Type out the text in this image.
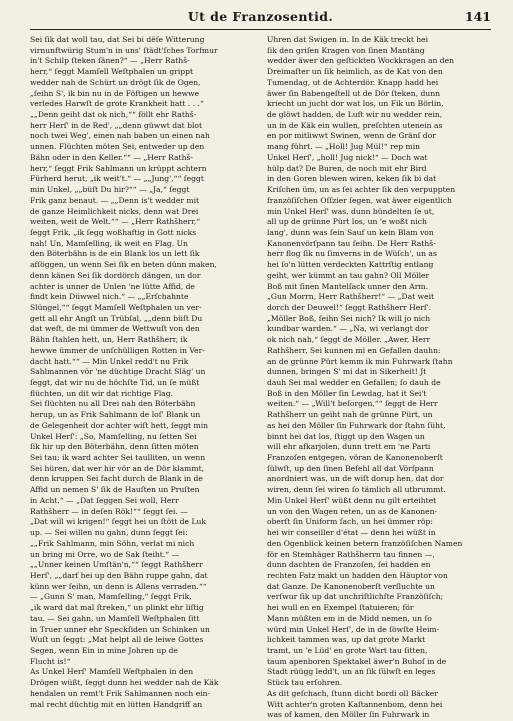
Ut de Franzosentid.	141
Sei ſik dat woll tau, dat Sei bi dëſe Witterung
virnunftwürig Stum'n in uns' ſtädt'ſches Torfmur
in't Schilp ſteken ſänen?“ — „Herr Rathš-
herr,“ ſeggt Mamſell Weſtphalen un grippt
wedder nah de Schürt un drögt ſik de Ogen,
„ſeihn S', ik bin nu in de Föftigen un hewwe
verledes Harwſt de grote Krankheit hatt . . .“
„„Denn geiht dat ok nich,““ föllt ehr Rathš-
herr Herſ' in de Red', „„denn güwwt dat blot
noch twei Weg', einen nah baben un einen nah
unnen. Flüchten möten Sei, entweder up den
Bähn oder in den Keller.““ — „Herr Rathš-
herr,“ ſeggt Frik Sahlmann un krüppt achtern
Fürherd herut, „ik weit't.“ — „„Jung',““ ſeggt
min Unkel, „„büſt Du hir?““ — „Ja,“ ſeggt
Frik ganz benaut. — „„Denn is't wedder mit
de ganze Heimlichkeit nicks, denn wat Drei
weiten, weit de Welt.““ — „Herr Rathšherr,“
ſeggt Frik, „ik ſegg woßhaftig in Gott nicks
nah! Un, Mamſelling, ik weit en Flag. Un
den Böterbähn is de ein Blank los un lett ſik
afſöggen, un wenn Sei ſik en beten dünn maken,
denn känen Sei ſik dordörch dängen, un dor
achter is unner de Unlen 'ne lütte Affid, de
findt kein Düwwel nich.“ — „„Erſchahnte
Slüngel,““ ſeggt Mamſell Weſtphalen un ver-
gett all ehr Angſt un Trübſal, „„denn büſt Du
dat weſt, de mi ümmer de Wettwuſt von den
Bähn ſtahlen hett, un, Herr Rathšherr, ik
hewwe ümmer de unſchülligen Rotten in Ver-
dacht hatt.““ — Min Unkel redd't nu Frik
Sahlmannen vör 'ne düchtige Dracht Släg' un
ſeggt, dat wir nu de höchſte Tid, un ſe müßt
flüchten, un dit wir dat richtige Flag.
Sei flüchten nu all Drei nah den Böterbähn
herup, un as Frik Sahlmann de loſ' Blank un
de Gelegenheit dor achter wiſt hett, ſeggt min
Unkel Herſ': „So, Mamſelling, nu ſetten Sei
ſik hir up den Böterbähn, denn ſitten möten
Sei tau; ik ward achter Sei taulliten, un wenn
Sei hüren, dat wer hir vör an de Dör klammt,
denn kruppen Sei facht durch de Blank in de
Affid un nemen S' ſik de Hauſten un Pruſten
in Acht.“ — „Dat ſeggen Sei woll, Herr
Rathšherr — in deſen Rök!““ ſeggt ſei. —
„Dat will wi krigen!“ ſeggt hei un ſtött de Luk
up. — Sei willen nu gahn, dunn ſeggt ſei:
„„Frik Sahlmann, min Söhn, verlat mi nich
un bring mi Orre, wo de Sak ſteiht.“ —
„„Unner keinen Umſtän'n,““ ſeggt Rathšherr
Herſ', „„darf hei up den Bähn ruppe gahn, dat
künn wer ſeihn, un denn is Allens verraden.““
— „Gunn S' man, Mamſelling,“ ſeggt Frik,
„ik ward dat mal ſtreken,“ un plinkt ehr liſtig
tau. — Sei gahn, un Mamſell Weſtphalen ſitt
in Truer unner ehr Speckſiden un Schinken un
Wuſt un ſeggt: „Mat helpt all de leiwe Gottes
Segen, wenn Ein in mine Johren up de
Flucht is!“
As Unkel Herſ' Mamſell Weſtphalen in den
Drögen wüßt, ſeggt dunn hei wedder nah de Käk
hendalen un remt't Frik Sahlmannen noch ein-
mal recht düchtig mit en lütten Handgriff an
Uhren dat Swigen in. In de Käk treckt hei
ſik den griſen Kragen von ſinen Mantäng
wedder äwer den geſtickten Wockkragen an den
Dreimaſter un ſik heimlich, as de Kat von den
Tumendag, ut de Achterdör. Knapp hadd hei
äwer ſin Babengeſtell ut de Dör ſteken, dunn
kriecht un jucht dor wat los, un Fik un Börlin,
de glöwt hadden, de Luft wir nu wedder rein,
un in de Käk ein wullen, preſchten utenein as
en por mitliwwt Swinen, wenn de Gränſ dor
mang führt. — „Holl! Jug Mül!“ rep min
Unkel Herſ', „holl! Jug nick!“ — Doch wat
hülp dat? De Buren, de noch mit ehr Bird
in den Goren blewen wiren, keken ſik bi dat
Kriſchen üm, un as ſei achter ſik den verpuppten
franzöſiſchen Oſſzier ſegen, wat äwer eigentlich
min Unkel Herſ' was, dunn bündelten ſe ut,
all up de grünne Pürt los, un 'e woßt nich
lang', dunn was ſein Sauf un kein Blam von
Kanonenvörſpann tau ſeihn. De Herr Rathš-
herr flog ſik nu ſimverns in de Wüſch', un as
hei ſo'n lütten verdeckten Kattrſtig entlang
geiht, wer kümmt an tau gahn? Oll Möller
Boß mit ſinen Mantelſack unner den Arm.
„Gun Morrn, Herr Rathšherr!“ — „Dat weit
dorch der Deuwel!“ ſeggt Rathšherr Herſ'.
„Möller Boß, ſeihn Sei nich? Ik will jo nich
kundbar warden.“ — „Na, wi verlangt dor
ok nich nah,“ ſeggt de Möller. „Awer, Herr
Rathšherr, Sei kunnen mi en Gefallen dauhn:
an de grünne Pürt kemm ik min Fuhrwark ſtahn
dunnen, bringen S' mi dat in Sikerheit! Jt
dauh Sei mal wedder en Gefallen; ſo dauh de
Boß in den Möller ſin Lewdag, hat it Sei't
weiten.“ — „Will't beſorgen,““ ſeggt de Herr
Rathšherr un geiht nah de grünne Pürt, un
as hei den Möller ſin Fuhrwark dor ſtahn ſüht,
binnt hei dat los, ſtiggt up den Wagen un
will ehr afkarjolen, dunn trett em 'ne Parti
Franzoſen entgegen, vöran de Kanonenoberſt
ſülwſt, up den ſinen Befehl all dat Vörſpann
anordniert was, un de wiſt dorup hen, dat dor
wiren, denn ſei wiren ſo tämlich all utbrummt.
Min Unkel Herſ' wüßt denn nu gilt erteihtet
un von den Wagen reten, un as de Kanonen-
oberſt ſin Uniform ſach, un hei ümmer röp:
hei wir conseiller d'état — denn hei wüßt in
den Ogenblick keinen betern franzöſiſchen Namen
för en Stemhäger Rathšherrn tau finnen —,
dunn dachten de Franzoſen, ſei hadden en
rechten Fatz makt un hadden den Häuptor von
dat Ganze. De Kanonenoberſt verſluchte un
verſwur ſik up dat unchriſtlichſte Franzöſiſch;
hei wull en en Exempel ſtatuieren; för
Mann müßten em in de Midd nemen, un ſo
würd min Unkel Herſ', de in de ſöwſte Heim-
lichkeit tammen was, up dat grote Markt
tramt, un 'e Lüd' en grote Wart tau ſitten,
taum apenboren Spektakel äwer'n Buhoſ in de
Stadt rüügg ledd't, un an ſik ſülwſt en leges
Stück tau erſohren.
As dit geſchach, ſtunn dicht bordi oll Bäcker
Witt achter'n groten Kaſtannenbom, denn hei
was of kamen, den Möller ſin Fuhrwark in
